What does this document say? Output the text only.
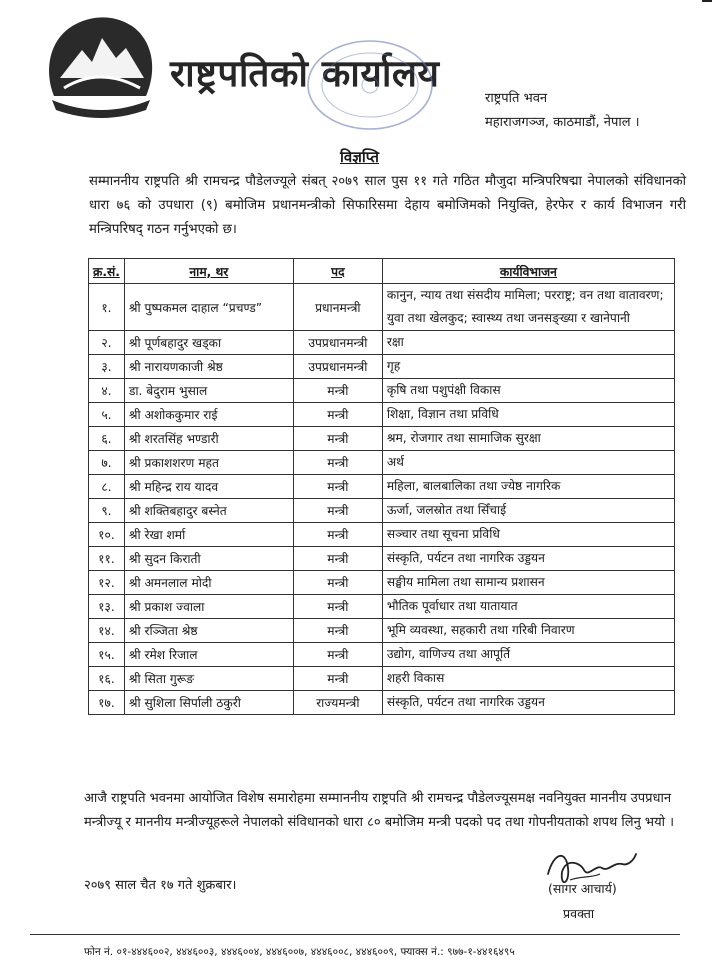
राष्ट्रपतिको कार्यालय
राष्ट्रपति भवन
महाराजगञ्ज, काठमाडौं, नेपाल ।
विज्ञप्ति
सम्माननीय राष्ट्रपति श्री रामचन्द्र पौडेलज्यूले संबत् २०७९ साल पुस ११ गते गठित मौजुदा मन्त्रिपरिषद्मा नेपालको संविधानको धारा ७६ को उपधारा (९) बमोजिम प्रधानमन्त्रीको सिफारिसमा देहाय बमोजिमको नियुक्ति, हेरफेर र कार्य विभाजन गरी मन्त्रिपरिषद् गठन गर्नुभएको छ।
क्र.सं.	नाम, थर	पद	कार्यविभाजन
१.	श्री पुष्पकमल दाहाल “प्रचण्ड”	प्रधानमन्त्री	कानुन, न्याय तथा संसदीय मामिला; परराष्ट्र; वन तथा वातावरण; युवा तथा खेलकुद; स्वास्थ्य तथा जनसङ्ख्या र खानेपानी
२.	श्री पूर्णबहादुर खड्का	उपप्रधानमन्त्री	रक्षा
३.	श्री नारायणकाजी श्रेष्ठ	उपप्रधानमन्त्री	गृह
४.	डा. बेदुराम भुसाल	मन्त्री	कृषि तथा पशुपंक्षी विकास
५.	श्री अशोककुमार राई	मन्त्री	शिक्षा, विज्ञान तथा प्रविधि
६.	श्री शरतसिंह भण्डारी	मन्त्री	श्रम, रोजगार तथा सामाजिक सुरक्षा
७.	श्री प्रकाशशरण महत	मन्त्री	अर्थ
८.	श्री महिन्द्र राय यादव	मन्त्री	महिला, बालबालिका तथा ज्येष्ठ नागरिक
९.	श्री शक्तिबहादुर बस्नेत	मन्त्री	ऊर्जा, जलस्रोत तथा सिँचाई
१०.	श्री रेखा शर्मा	मन्त्री	सञ्चार तथा सूचना प्रविधि
११.	श्री सुदन किराती	मन्त्री	संस्कृति, पर्यटन तथा नागरिक उड्डयन
१२.	श्री अमनलाल मोदी	मन्त्री	सङ्घीय मामिला तथा सामान्य प्रशासन
१३.	श्री प्रकाश ज्वाला	मन्त्री	भौतिक पूर्वाधार तथा यातायात
१४.	श्री रञ्जिता श्रेष्ठ	मन्त्री	भूमि व्यवस्था, सहकारी तथा गरिबी निवारण
१५.	श्री रमेश रिजाल	मन्त्री	उद्योग, वाणिज्य तथा आपूर्ति
१६.	श्री सिता गुरूङ	मन्त्री	शहरी विकास
१७.	श्री सुशिला सिर्पाली ठकुरी	राज्यमन्त्री	संस्कृति, पर्यटन तथा नागरिक उड्डयन
आजै राष्ट्रपति भवनमा आयोजित विशेष समारोहमा सम्माननीय राष्ट्रपति श्री रामचन्द्र पौडेलज्यूसमक्ष नवनियुक्त माननीय उपप्रधान मन्त्रीज्यू र माननीय मन्त्रीज्यूहरूले नेपालको संविधानको धारा ८० बमोजिम मन्त्री पदको पद तथा गोपनीयताको शपथ लिनु भयो ।
२०७९ साल चैत १७ गते शुक्रबार।	(सागर आचार्य)
प्रवक्ता
फोन नं. ०१-४४४६००२, ४४४६००३, ४४४६००४, ४४४६००७, ४४४६००८, ४४४६००९, फ्याक्स नं.: ९७७-१-४४१६४९५
